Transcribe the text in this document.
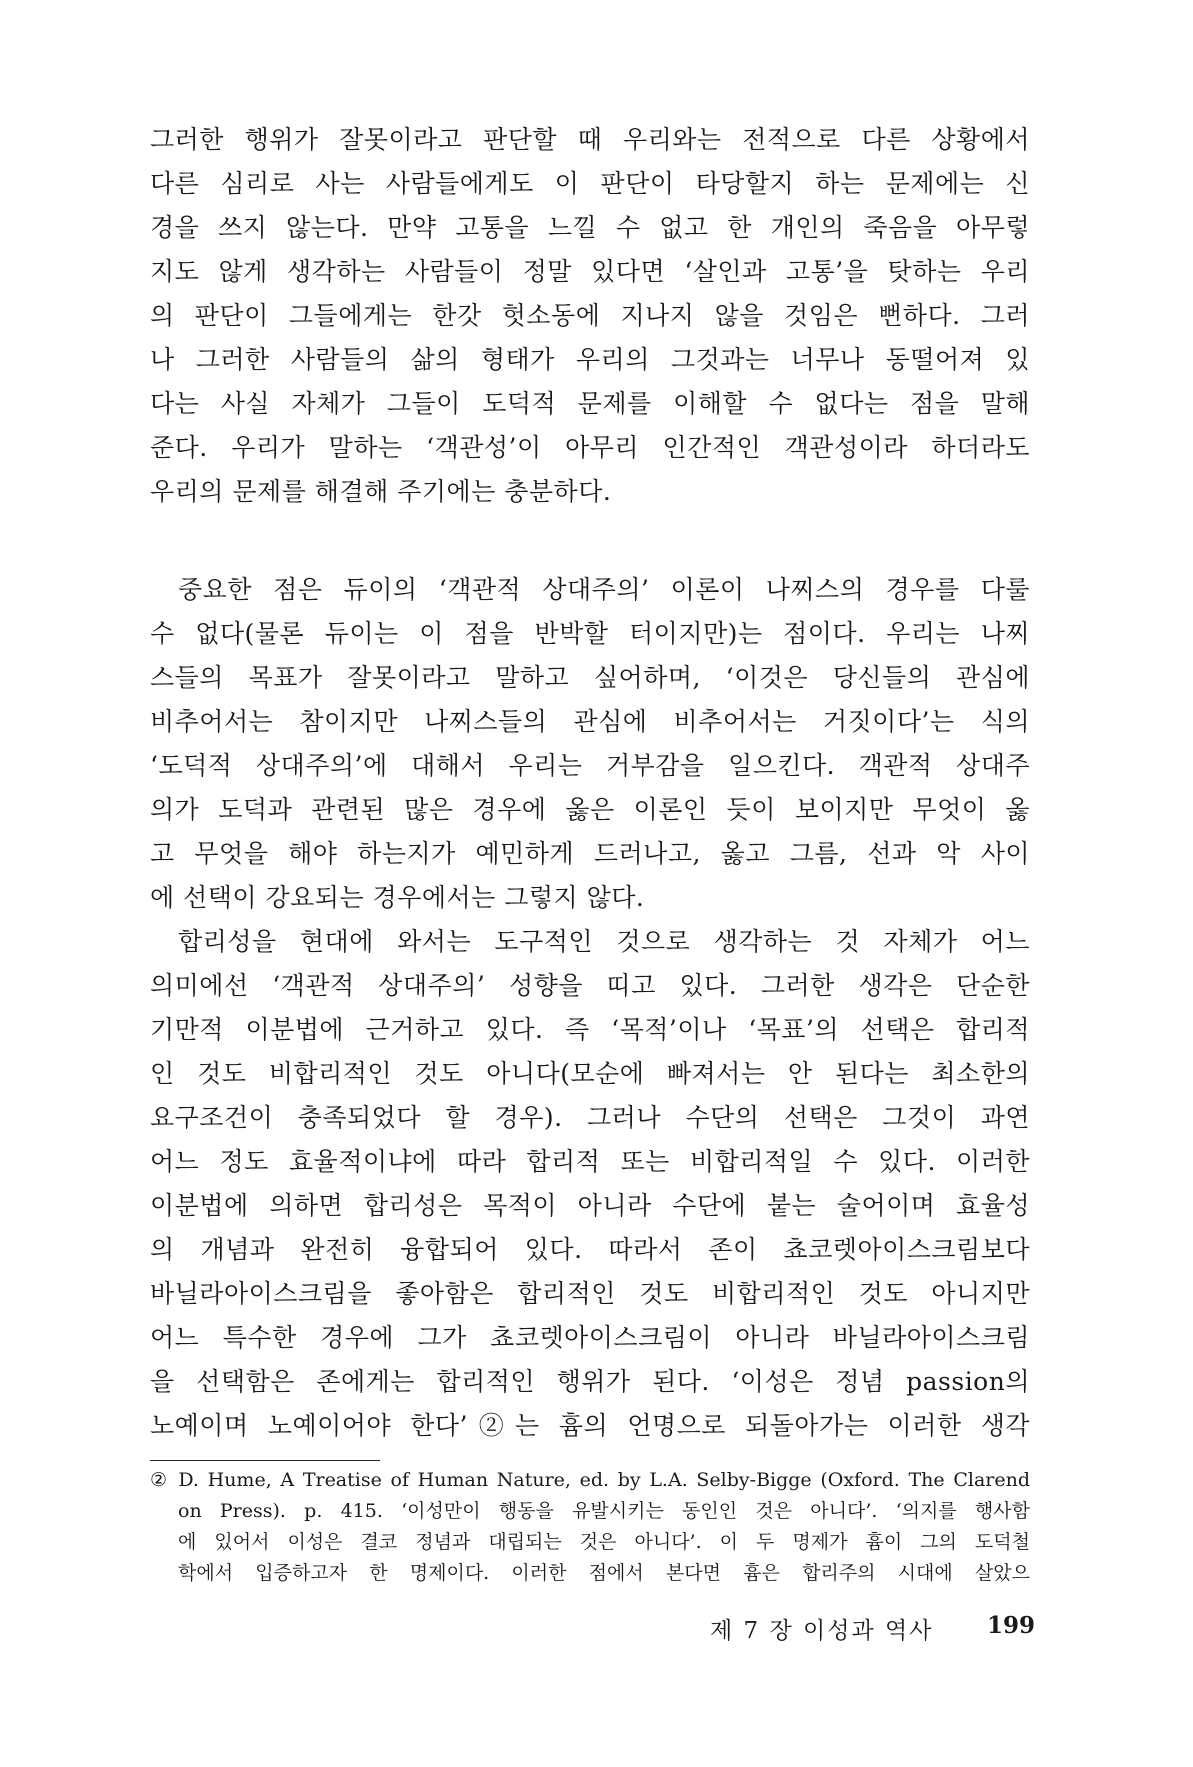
그러한 행위가 잘못이라고 판단할 때 우리와는 전적으로 다른 상황에서
다른 심리로 사는 사람들에게도 이 판단이 타당할지 하는 문제에는 신
경을 쓰지 않는다. 만약 고통을 느낄 수 없고 한 개인의 죽음을 아무렇
지도 않게 생각하는 사람들이 정말 있다면 ‘살인과 고통’을 탓하는 우리
의 판단이 그들에게는 한갓 헛소동에 지나지 않을 것임은 뻔하다. 그러
나 그러한 사람들의 삶의 형태가 우리의 그것과는 너무나 동떨어져 있
다는 사실 자체가 그들이 도덕적 문제를 이해할 수 없다는 점을 말해
준다. 우리가 말하는 ‘객관성’이 아무리 인간적인 객관성이라 하더라도
우리의 문제를 해결해 주기에는 충분하다.
중요한 점은 듀이의 ‘객관적 상대주의’ 이론이 나찌스의 경우를 다룰
수 없다(물론 듀이는 이 점을 반박할 터이지만)는 점이다. 우리는 나찌
스들의 목표가 잘못이라고 말하고 싶어하며, ‘이것은 당신들의 관심에
비추어서는 참이지만 나찌스들의 관심에 비추어서는 거짓이다’는 식의
‘도덕적 상대주의’에 대해서 우리는 거부감을 일으킨다. 객관적 상대주
의가 도덕과 관련된 많은 경우에 옳은 이론인 듯이 보이지만 무엇이 옳
고 무엇을 해야 하는지가 예민하게 드러나고, 옳고 그름, 선과 악 사이
에 선택이 강요되는 경우에서는 그렇지 않다.
합리성을 현대에 와서는 도구적인 것으로 생각하는 것 자체가 어느
의미에선 ‘객관적 상대주의’ 성향을 띠고 있다. 그러한 생각은 단순한
기만적 이분법에 근거하고 있다. 즉 ‘목적’이나 ‘목표’의 선택은 합리적
인 것도 비합리적인 것도 아니다(모순에 빠져서는 안 된다는 최소한의
요구조건이 충족되었다 할 경우). 그러나 수단의 선택은 그것이 과연
어느 정도 효율적이냐에 따라 합리적 또는 비합리적일 수 있다. 이러한
이분법에 의하면 합리성은 목적이 아니라 수단에 붙는 술어이며 효율성
의 개념과 완전히 융합되어 있다. 따라서 존이 쵸코렛아이스크림보다
바닐라아이스크림을 좋아함은 합리적인 것도 비합리적인 것도 아니지만
어느 특수한 경우에 그가 쵸코렛아이스크림이 아니라 바닐라아이스크림
을 선택함은 존에게는 합리적인 행위가 된다. ‘이성은 정념 passion의
노예이며 노예이어야 한다’②는 흄의 언명으로 되돌아가는 이러한 생각
② D. Hume, A Treatise of Human Nature, ed. by L.A. Selby-Bigge (Oxford. The Clarend
on Press). p. 415. ‘이성만이 행동을 유발시키는 동인인 것은 아니다’. ‘의지를 행사함
에 있어서 이성은 결코 정념과 대립되는 것은 아니다’. 이 두 명제가 흄이 그의 도덕철
학에서 입증하고자 한 명제이다. 이러한 점에서 본다면 흄은 합리주의 시대에 살았으
제 7 장 이성과 역사 199
